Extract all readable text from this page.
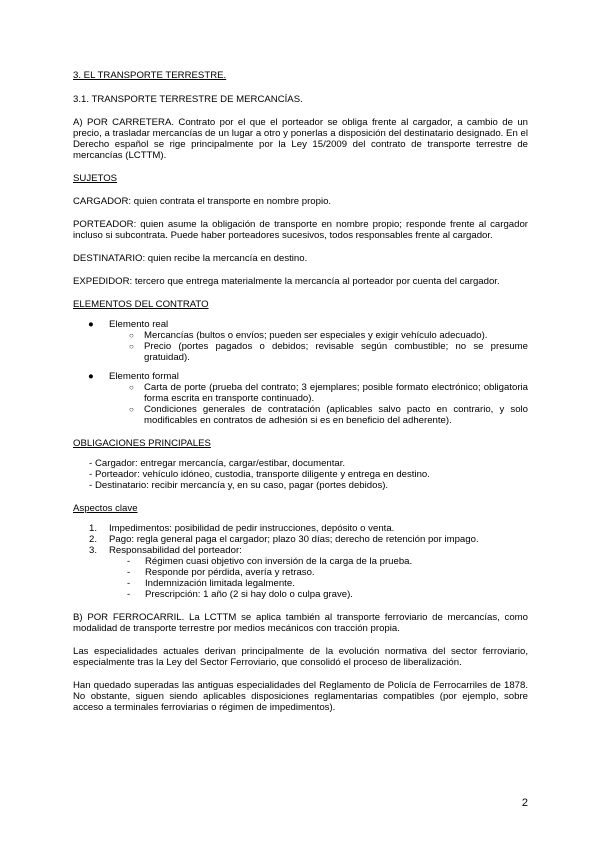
3. EL TRANSPORTE TERRESTRE.

3.1. TRANSPORTE TERRESTRE DE MERCANCÍAS.

A) POR CARRETERA. Contrato por el que el porteador se obliga frente al cargador, a cambio de un precio, a trasladar mercancías de un lugar a otro y ponerlas a disposición del destinatario designado. En el Derecho español se rige principalmente por la Ley 15/2009 del contrato de transporte terrestre de mercancías (LCTTM).

SUJETOS

CARGADOR: quien contrata el transporte en nombre propio.

PORTEADOR: quien asume la obligación de transporte en nombre propio; responde frente al cargador incluso si subcontrata. Puede haber porteadores sucesivos, todos responsables frente al cargador.

DESTINATARIO: quien recibe la mercancía en destino.

EXPEDIDOR: tercero que entrega materialmente la mercancía al porteador por cuenta del cargador.

ELEMENTOS DEL CONTRATO

● Elemento real
○ Mercancías (bultos o envíos; pueden ser especiales y exigir vehículo adecuado).
○ Precio (portes pagados o debidos; revisable según combustible; no se presume gratuidad).
● Elemento formal
○ Carta de porte (prueba del contrato; 3 ejemplares; posible formato electrónico; obligatoria forma escrita en transporte continuado).
○ Condiciones generales de contratación (aplicables salvo pacto en contrario, y solo modificables en contratos de adhesión si es en beneficio del adherente).

OBLIGACIONES PRINCIPALES

- Cargador: entregar mercancía, cargar/estibar, documentar.
- Porteador: vehículo idóneo, custodia, transporte diligente y entrega en destino.
- Destinatario: recibir mercancía y, en su caso, pagar (portes debidos).

Aspectos clave

1. Impedimentos: posibilidad de pedir instrucciones, depósito o venta.
2. Pago: regla general paga el cargador; plazo 30 días; derecho de retención por impago.
3. Responsabilidad del porteador:
- Régimen cuasi objetivo con inversión de la carga de la prueba.
- Responde por pérdida, avería y retraso.
- Indemnización limitada legalmente.
- Prescripción: 1 año (2 si hay dolo o culpa grave).

B) POR FERROCARRIL. La LCTTM se aplica también al transporte ferroviario de mercancías, como modalidad de transporte terrestre por medios mecánicos con tracción propia.

Las especialidades actuales derivan principalmente de la evolución normativa del sector ferroviario, especialmente tras la Ley del Sector Ferroviario, que consolidó el proceso de liberalización.

Han quedado superadas las antiguas especialidades del Reglamento de Policía de Ferrocarriles de 1878. No obstante, siguen siendo aplicables disposiciones reglamentarias compatibles (por ejemplo, sobre acceso a terminales ferroviarias o régimen de impedimentos).

2
